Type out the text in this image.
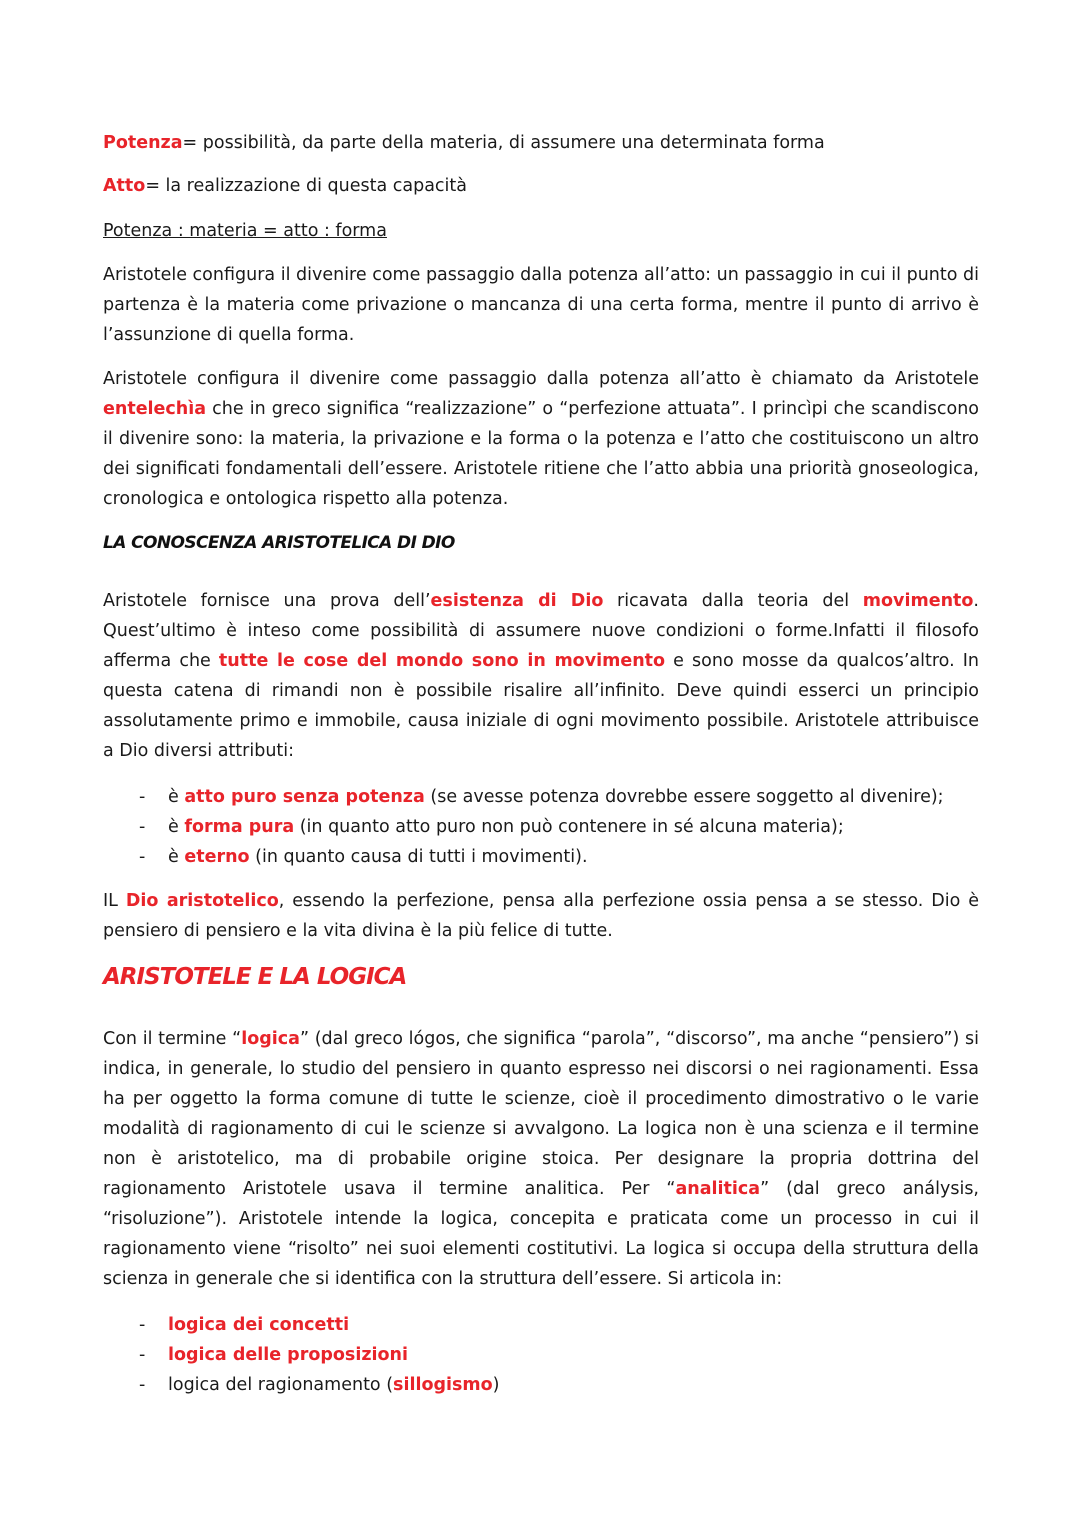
Potenza= possibilità, da parte della materia, di assumere una determinata forma

Atto= la realizzazione di questa capacità

Potenza : materia = atto : forma

Aristotele configura il divenire come passaggio dalla potenza all’atto: un passaggio in cui il punto di partenza è la materia come privazione o mancanza di una certa forma, mentre il punto di arrivo è l’assunzione di quella forma.

Aristotele configura il divenire come passaggio dalla potenza all’atto è chiamato da Aristotele entelechìa che in greco significa “realizzazione” o “perfezione attuata”. I princìpi che scandiscono il divenire sono: la materia, la privazione e la forma o la potenza e l’atto che costituiscono un altro dei significati fondamentali dell’essere. Aristotele ritiene che l’atto abbia una priorità gnoseologica, cronologica e ontologica rispetto alla potenza.

LA CONOSCENZA ARISTOTELICA DI DIO

Aristotele fornisce una prova dell’esistenza di Dio ricavata dalla teoria del movimento. Quest’ultimo è inteso come possibilità di assumere nuove condizioni o forme.Infatti il filosofo afferma che tutte le cose del mondo sono in movimento e sono mosse da qualcos’altro. In questa catena di rimandi non è possibile risalire all’infinito. Deve quindi esserci un principio assolutamente primo e immobile, causa iniziale di ogni movimento possibile. Aristotele attribuisce a Dio diversi attributi:

- è atto puro senza potenza (se avesse potenza dovrebbe essere soggetto al divenire);
- è forma pura (in quanto atto puro non può contenere in sé alcuna materia);
- è eterno (in quanto causa di tutti i movimenti).

IL Dio aristotelico, essendo la perfezione, pensa alla perfezione ossia pensa a se stesso. Dio è pensiero di pensiero e la vita divina è la più felice di tutte.

ARISTOTELE E LA LOGICA

Con il termine “logica” (dal greco lógos, che significa “parola”, “discorso”, ma anche “pensiero”) si indica, in generale, lo studio del pensiero in quanto espresso nei discorsi o nei ragionamenti. Essa ha per oggetto la forma comune di tutte le scienze, cioè il procedimento dimostrativo o le varie modalità di ragionamento di cui le scienze si avvalgono. La logica non è una scienza e il termine non è aristotelico, ma di probabile origine stoica. Per designare la propria dottrina del ragionamento Aristotele usava il termine analitica. Per “analitica” (dal greco análysis, “risoluzione”). Aristotele intende la logica, concepita e praticata come un processo in cui il ragionamento viene “risolto” nei suoi elementi costitutivi. La logica si occupa della struttura della scienza in generale che si identifica con la struttura dell’essere. Si articola in:

- logica dei concetti
- logica delle proposizioni
- logica del ragionamento (sillogismo)
